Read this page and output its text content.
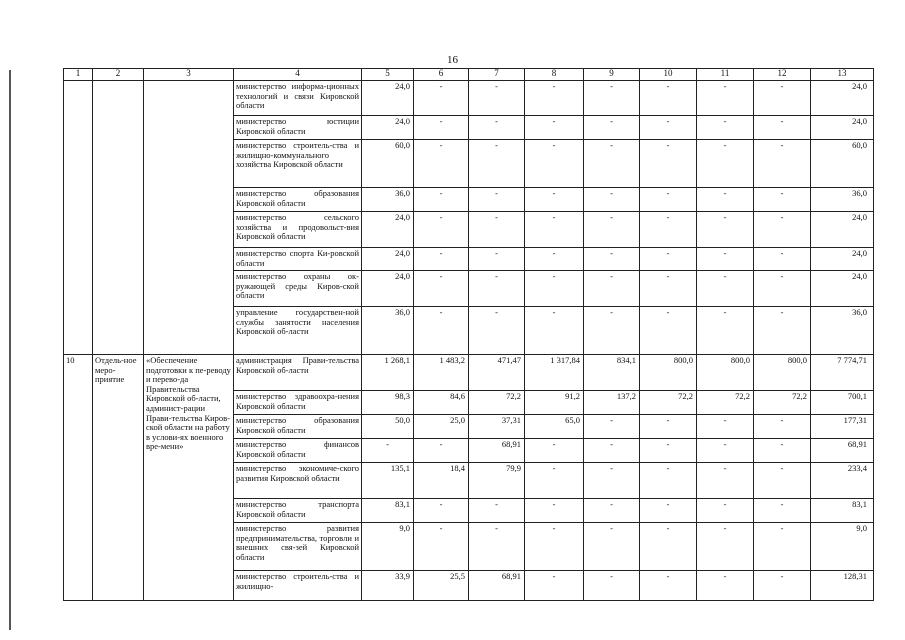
16
1	2	3	4	5	6	7	8	9	10	11	12	13
			министерство информа-ционных технологий и связи Кировской области	24,0	-	-	-	-	-	-	-	24,0
			министерство юстиции Кировской области	24,0	-	-	-	-	-	-	-	24,0
			министерство строитель-ства и жилищно-коммунального хозяйства Кировской области	60,0	-	-	-	-	-	-	-	60,0
			министерство образования Кировской области	36,0	-	-	-	-	-	-	-	36,0
			министерство сельского хозяйства и продовольст-вия Кировской области	24,0	-	-	-	-	-	-	-	24,0
			министерство спорта Ки-ровской области	24,0	-	-	-	-	-	-	-	24,0
			министерство охраны ок-ружающей среды Киров-ской области	24,0	-	-	-	-	-	-	-	24,0
			управление государствен-ной службы занятости населения Кировской об-ласти	36,0	-	-	-	-	-	-	-	36,0
10	Отдель-ное меро-приятие	«Обеспечение подготовки к пе-реводу и перево-да Правительства Кировской об-ласти, админист-рации Прави-тельства Киров-ской области на работу в услови-ях военного вре-мени»	администрация Прави-тельства Кировской об-ласти	1 268,1	1 483,2	471,47	1 317,84	834,1	800,0	800,0	800,0	7 774,71
			министерство здравоохра-нения Кировской области	98,3	84,6	72,2	91,2	137,2	72,2	72,2	72,2	700,1
			министерство образования Кировской области	50,0	25,0	37,31	65,0	-	-	-	-	177,31
			министерство финансов Кировской области	-	-	68,91	-	-	-	-	-	68,91
			министерство экономиче-ского развития Кировской области	135,1	18,4	79,9	-	-	-	-	-	233,4
			министерство транспорта Кировской области	83,1	-	-	-	-	-	-	-	83,1
			министерство развития предпринимательства, торговли и внешних свя-зей Кировской области	9,0	-	-	-	-	-	-	-	9,0
			министерство строитель-ства и жилищно-	33,9	25,5	68,91	-	-	-	-	-	128,31
